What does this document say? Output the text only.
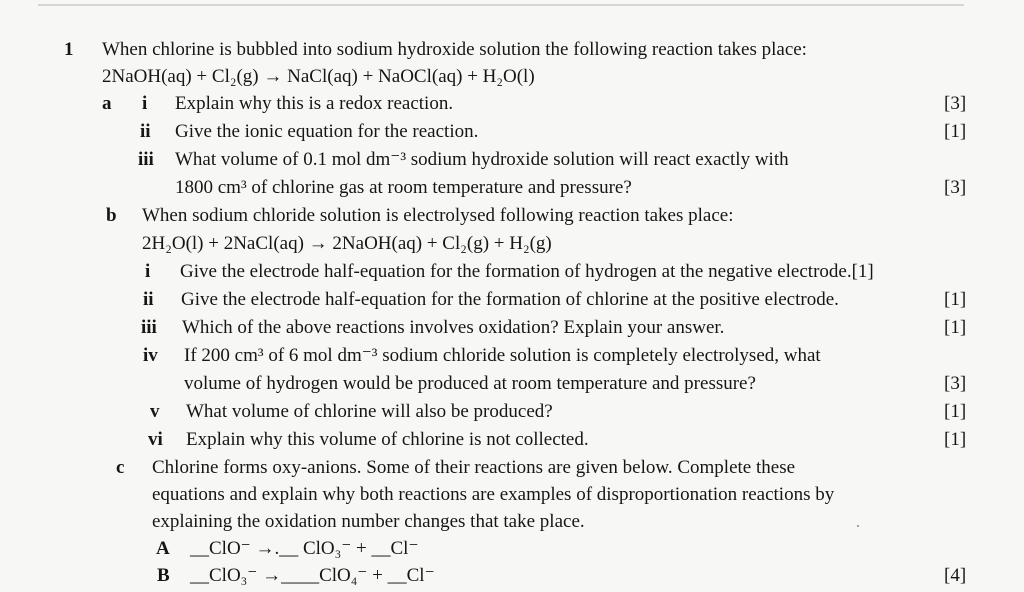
1 When chlorine is bubbled into sodium hydroxide solution the following reaction takes place:
2NaOH(aq) + Cl₂(g) → NaCl(aq) + NaOCl(aq) + H₂O(l)
a i Explain why this is a redox reaction.	[3]
ii Give the ionic equation for the reaction.	[1]
iii What volume of 0.1 mol dm⁻³ sodium hydroxide solution will react exactly with
1800 cm³ of chlorine gas at room temperature and pressure?	[3]
b When sodium chloride solution is electrolysed following reaction takes place:
2H₂O(l) + 2NaCl(aq) → 2NaOH(aq) + Cl₂(g) + H₂(g)
i Give the electrode half-equation for the formation of hydrogen at the negative electrode.[1]
ii Give the electrode half-equation for the formation of chlorine at the positive electrode.	[1]
iii Which of the above reactions involves oxidation? Explain your answer.	[1]
iv If 200 cm³ of 6 mol dm⁻³ sodium chloride solution is completely electrolysed, what
volume of hydrogen would be produced at room temperature and pressure?	[3]
v What volume of chlorine will also be produced?	[1]
vi Explain why this volume of chlorine is not collected.	[1]
c Chlorine forms oxy-anions. Some of their reactions are given below. Complete these
equations and explain why both reactions are examples of disproportionation reactions by
explaining the oxidation number changes that take place.
A __ClO⁻ →.__ ClO₃⁻ + __Cl⁻
B __ClO₃⁻ →____ClO₄⁻ + __Cl⁻	[4]
